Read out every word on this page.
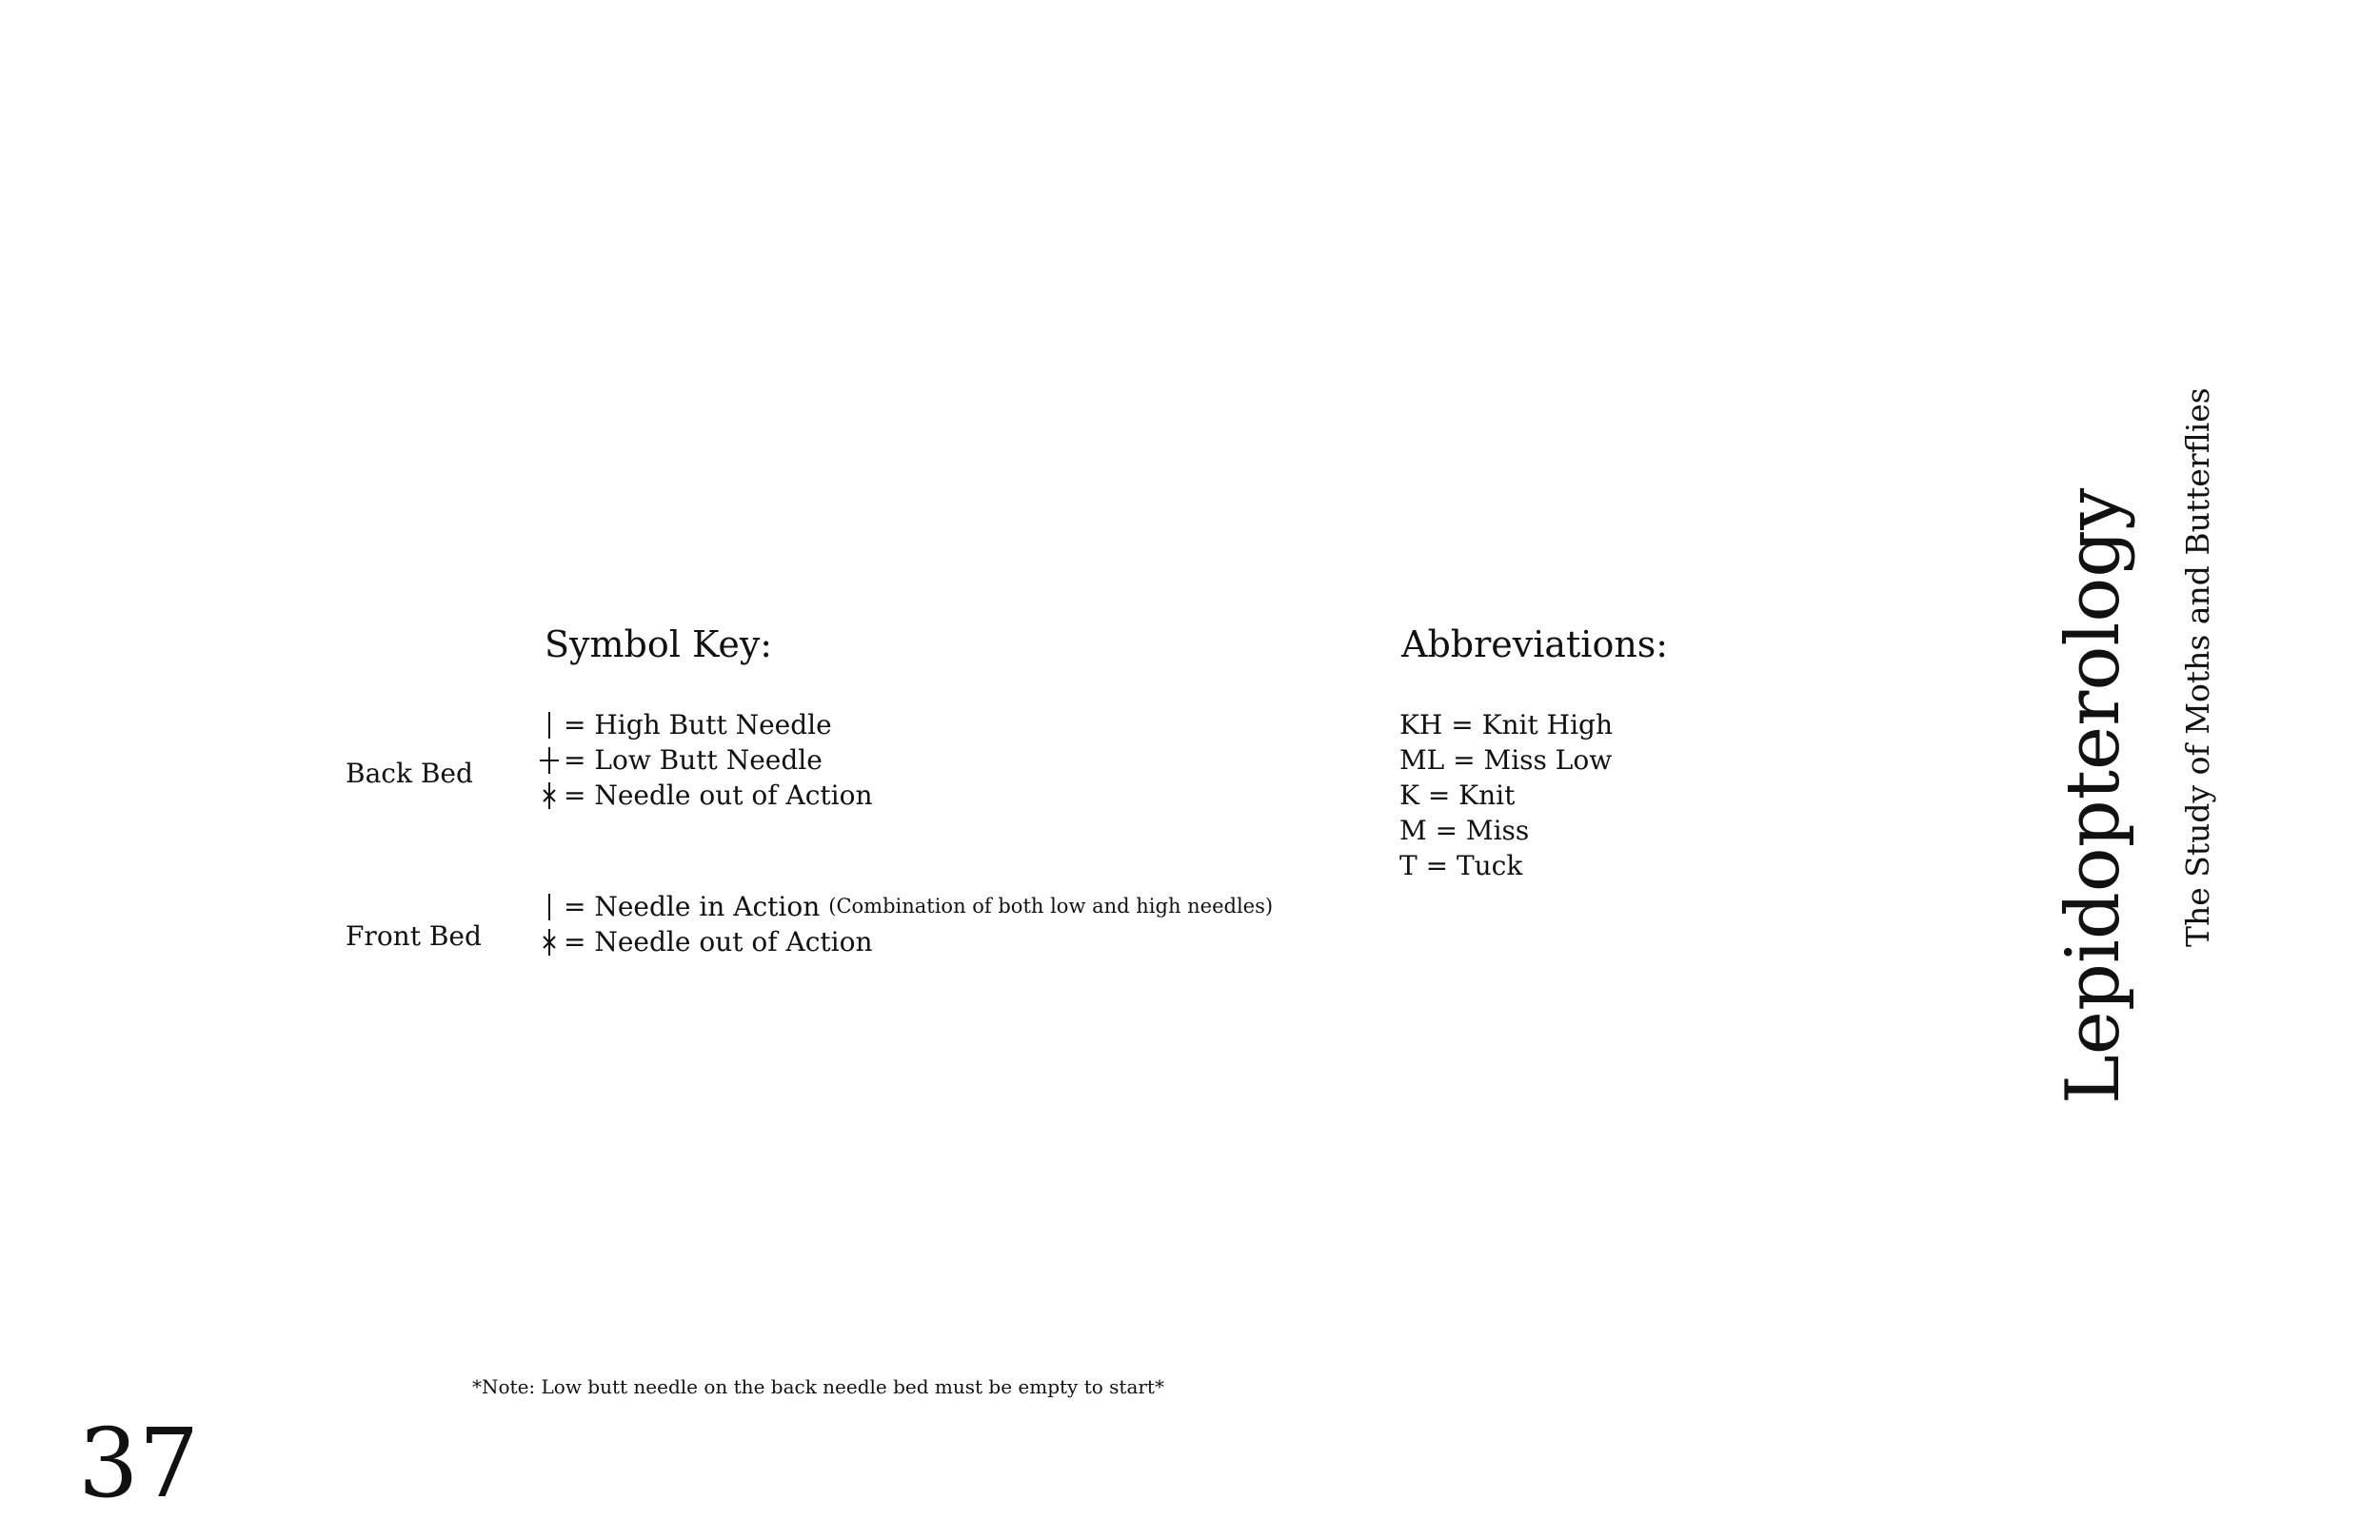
Symbol Key:	Abbreviations:
Back Bed
Front Bed
= High Butt Needle
= Low Butt Needle
= Needle out of Action
= Needle in Action (Combination of both low and high needles)
= Needle out of Action
KH = Knit High
ML = Miss Low
K = Knit
M = Miss
T = Tuck
*Note: Low butt needle on the back needle bed must be empty to start*
37
Lepidopterology The Study of Moths and Butterflies
